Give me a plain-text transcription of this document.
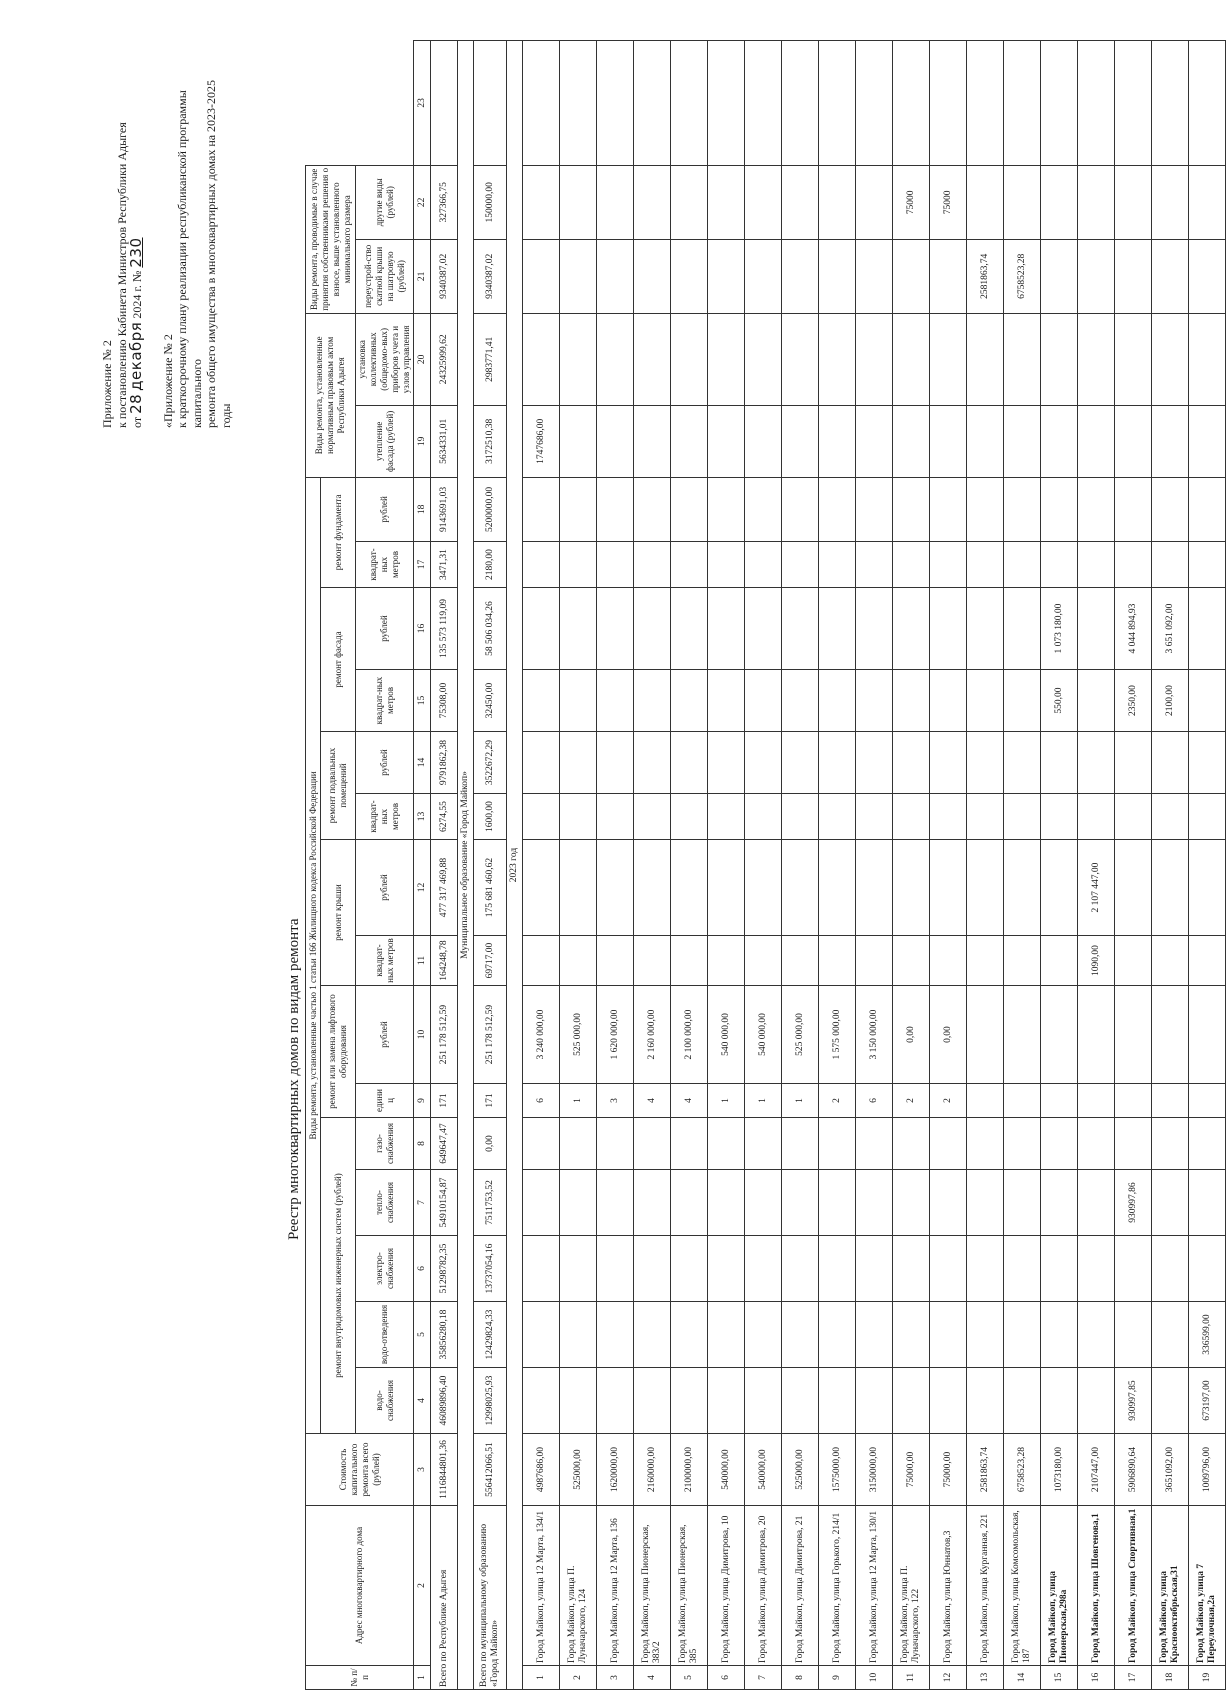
Приложение № 2 к постановлению Кабинета Министров Республики Адыгея от 28 декабря 2024 г. № 230
«Приложение № 2 к краткосрочному плану реализации республиканской программы капитального ремонта общего имущества в многоквартирных домах на 2023-2025 годы
Реестр многоквартирных домов по видам ремонта
№ п/п	Адрес многоквартирного дома	Стоимость капитального ремонта всего (рублей)	Виды ремонта, установленные частью 1 статьи 166 Жилищного кодекса Российской Федерации															Виды ремонта, установленные нормативным правовым актом Республики Адыгея		Виды ремонта, проводимые в случае принятия собственниками решения о взносе, выше установленного минимального размера		
			ремонт внутридомовых инженерных систем (рублей)					ремонт или замена лифтового оборудования		ремонт крыши		ремонт подвальных помещений		ремонт фасада		ремонт фундамента						
			водо-снабжения	водо-отведения	электро-снабжения	тепло-снабжения	газо-снабжения	едини ц	рублей	квадрат-ных метров	рублей	квадрат-ных метров	рублей	квадрат-ных метров	рублей	квадрат-ных метров	рублей	утепление фасада (рублей)	установка коллективных (общедомо-вых) приборов учета и узлов управления	переустрой-ство скатной крыши на шатровую (рублей)	другие виды (рублей)	

1	2	3	4	5	6	7	8	9	10	11	12	13	14	15	16	17	18	19	20	21	22	23
Всего по Республике Адыгея		1116844801,36	46089896,40	35856280,18	51298782,35	54910154,87	649647,47	171	251 178 512,59	164248,78	477 317 469,88	6274,55	9791862,38	75308,00	135 573 119,09	3471,31	9143691,03	5634331,01	24325999,62	9340387,02	327366,75	
Муниципальное образование «Город Майкоп»																						
Всего по муниципальному образованию «Город Майкоп»		556412066,51	12998025,93	12429824,33	13737054,16	7511753,52	0,00	171	251 178 512,59	69717,00	175 681 460,62	1600,00	3522672,29	32450,00	58 506 034,26	2180,00	5200000,00	3172510,38	2983771,41	9340387,02	150000,00	
2023 год																						
1	Город Майкоп, улица 12 Марта, 134/1	4987686,00						6	3 240 000,00									1747686,00				
2	Город Майкоп, улица П. Луначарского, 124	525000,00						1	525 000,00													
3	Город Майкоп, улица 12 Марта, 136	1620000,00						3	1 620 000,00													
4	Город Майкоп, улица Пионерская, 383/2	2160000,00						4	2 160 000,00													
5	Город Майкоп, улица Пионерская, 385	2100000,00						4	2 100 000,00													
6	Город Майкоп, улица Димитрова, 10	540000,00						1	540 000,00													
7	Город Майкоп, улица Димитрова, 20	540000,00						1	540 000,00													
8	Город Майкоп, улица Димитрова, 21	525000,00						1	525 000,00													
9	Город Майкоп, улица Горького, 214/1	1575000,00						2	1 575 000,00													
10	Город Майкоп, улица 12 Марта, 130/1	3150000,00						6	3 150 000,00													
11	Город Майкоп, улица П. Луначарского, 122	75000,00						2	0,00												75000	
12	Город Майкоп, улица Юннатов,3	75000,00						2	0,00												75000	
13	Город Майкоп, улица Курганная, 221	2581863,74																		2581863,74		
14	Город Майкоп, улица Комсомольская, 187	6758523,28																		6758523,28		
15	Город Майкоп, улица Пионерская,298а	1073180,00												550,00	1 073 180,00							
16	Город Майкоп, улица Шовгенова,1	2107447,00								1090,00	2 107 447,00											
17	Город Майкоп, улица Спортивная,1	5906890,64	930997,85			930997,86								2350,00	4 044 894,93							
18	Город Майкоп, улица Краснооктябрьская,31	3651092,00												2100,00	3 651 092,00							
19	Город Майкоп, улица 7 Переулочная,2а	1009796,00	673197,00	336599,00																		
